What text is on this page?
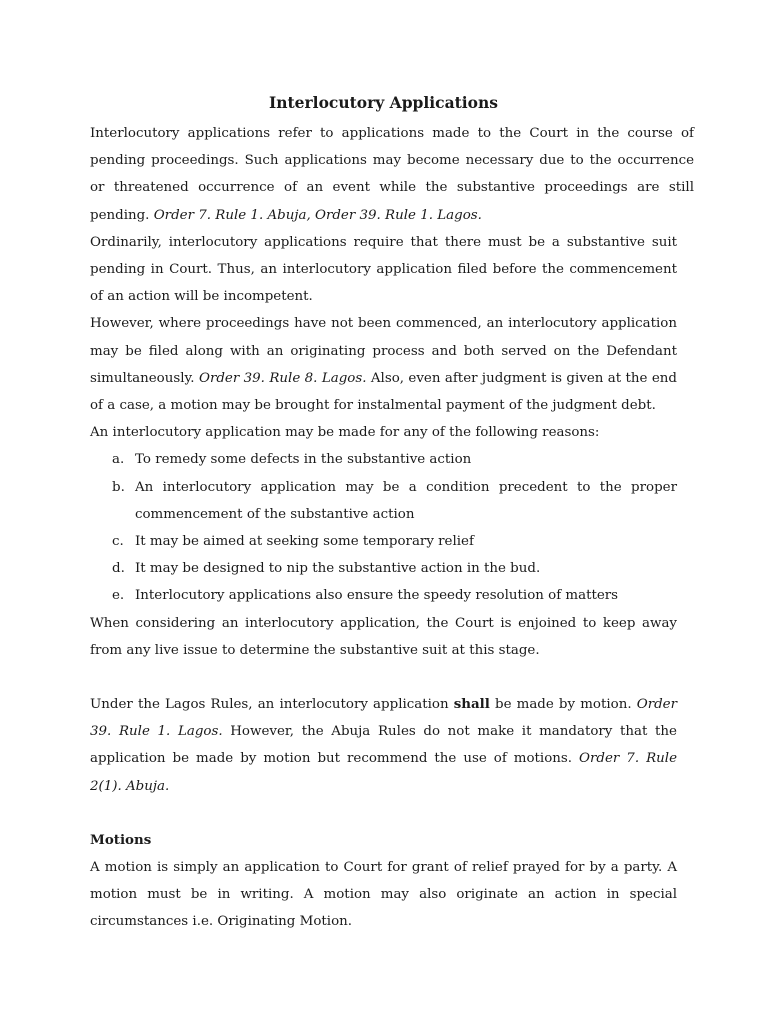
Interlocutory Applications

Interlocutory applications refer to applications made to the Court in the course of pending proceedings. Such applications may become necessary due to the occurrence or threatened occurrence of an event while the substantive proceedings are still pending. Order 7. Rule 1. Abuja, Order 39. Rule 1. Lagos.

Ordinarily, interlocutory applications require that there must be a substantive suit pending in Court. Thus, an interlocutory application filed before the commencement of an action will be incompetent.

However, where proceedings have not been commenced, an interlocutory application may be filed along with an originating process and both served on the Defendant simultaneously. Order 39. Rule 8. Lagos. Also, even after judgment is given at the end of a case, a motion may be brought for instalmental payment of the judgment debt.

An interlocutory application may be made for any of the following reasons:

a. To remedy some defects in the substantive action
b. An interlocutory application may be a condition precedent to the proper commencement of the substantive action
c. It may be aimed at seeking some temporary relief
d. It may be designed to nip the substantive action in the bud.
e. Interlocutory applications also ensure the speedy resolution of matters

When considering an interlocutory application, the Court is enjoined to keep away from any live issue to determine the substantive suit at this stage.

Under the Lagos Rules, an interlocutory application shall be made by motion. Order 39. Rule 1. Lagos. However, the Abuja Rules do not make it mandatory that the application be made by motion but recommend the use of motions. Order 7. Rule 2(1). Abuja.

Motions

A motion is simply an application to Court for grant of relief prayed for by a party. A motion must be in writing. A motion may also originate an action in special circumstances i.e. Originating Motion.
